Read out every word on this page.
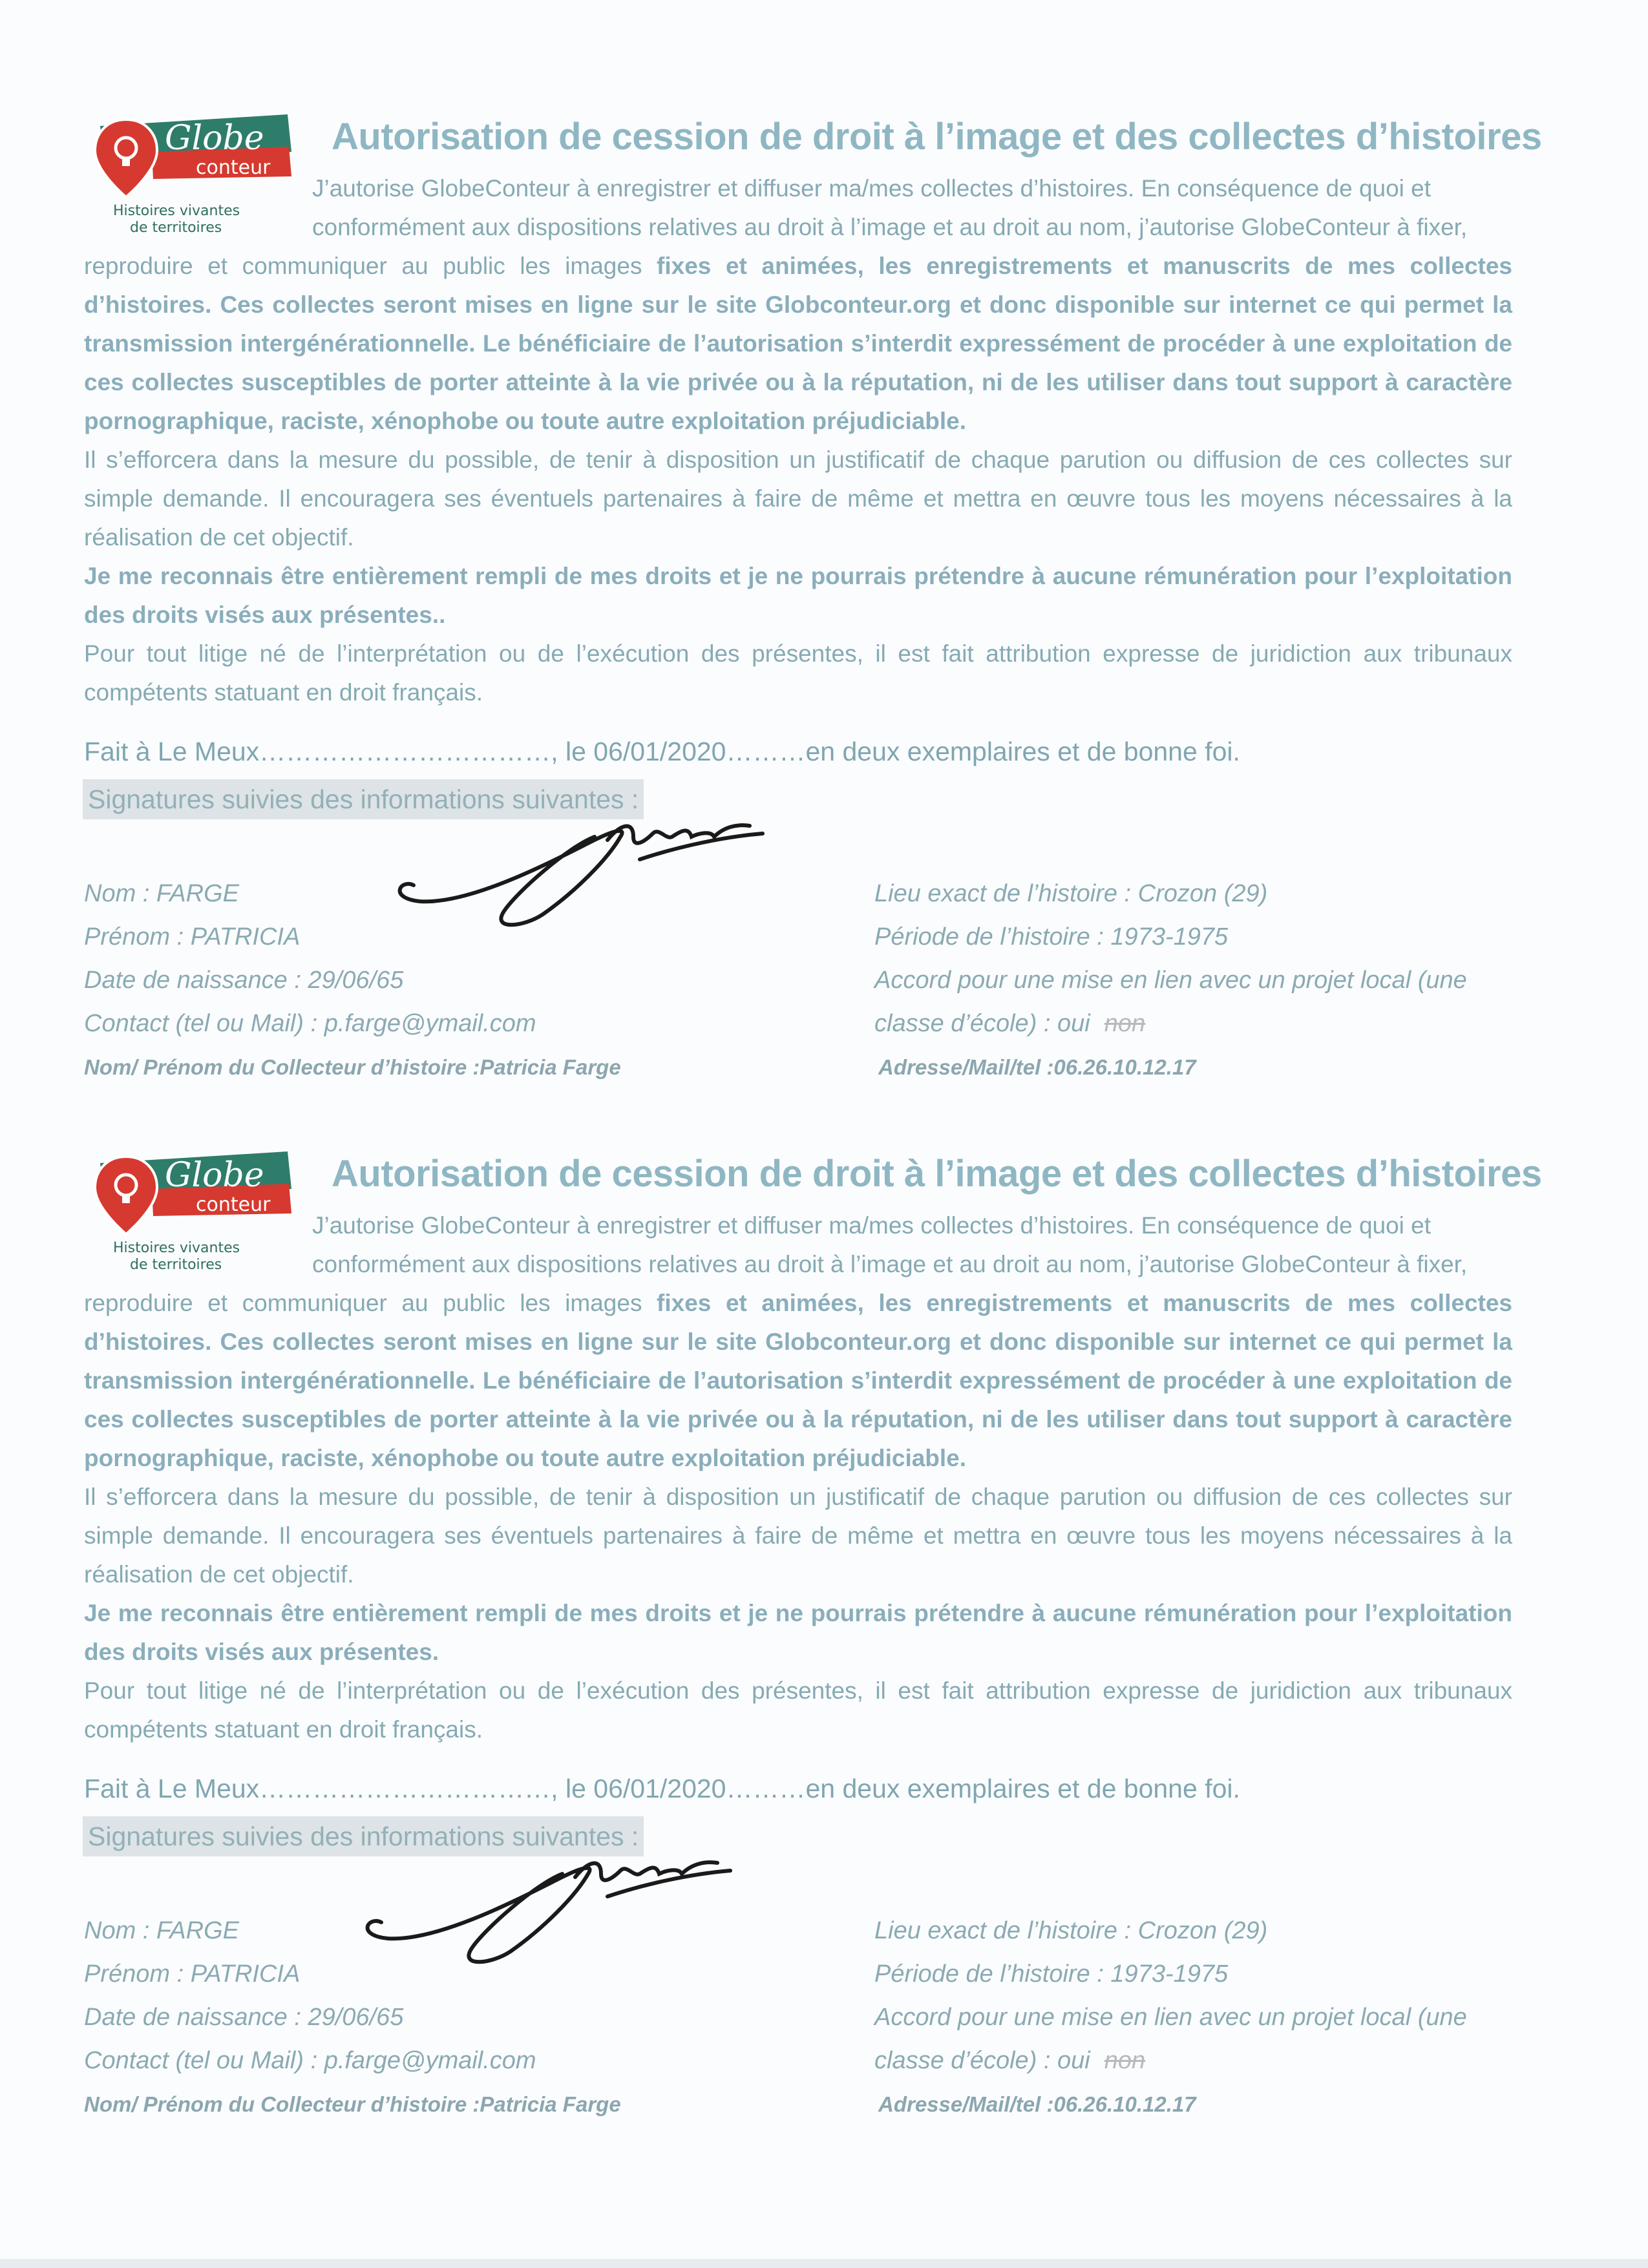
Globe
conteur
Histoires vivantes
de territoires
Autorisation de cession de droit à l’image et des collectes d’histoires

J’autorise GlobeConteur à enregistrer et diffuser ma/mes collectes d’histoires. En conséquence de quoi et
conformément aux dispositions relatives au droit à l’image et au droit au nom, j’autorise GlobeConteur à fixer,
reproduire et communiquer au public les images fixes et animées, les enregistrements et manuscrits de mes collectes d’histoires. Ces collectes seront mises en ligne sur le site Globconteur.org et donc disponible sur internet ce qui permet la transmission intergénérationnelle. Le bénéficiaire de l’autorisation s’interdit expressément de procéder à une exploitation de ces collectes susceptibles de porter atteinte à la vie privée ou à la réputation, ni de les utiliser dans tout support à caractère pornographique, raciste, xénophobe ou toute autre exploitation préjudiciable.

Il s’efforcera dans la mesure du possible, de tenir à disposition un justificatif de chaque parution ou diffusion de ces collectes sur simple demande. Il encouragera ses éventuels partenaires à faire de même et mettra en œuvre tous les moyens nécessaires à la réalisation de cet objectif.

Je me reconnais être entièrement rempli de mes droits et je ne pourrais prétendre à aucune rémunération pour l’exploitation des droits visés aux présentes..

Pour tout litige né de l’interprétation ou de l’exécution des présentes, il est fait attribution expresse de juridiction aux tribunaux compétents statuant en droit français.

Fait à Le Meux……………………………, le 06/01/2020………en deux exemplaires et de bonne foi.
Signatures suivies des informations suivantes :
Nom : FARGE
Prénom : PATRICIA
Date de naissance : 29/06/65
Contact (tel ou Mail) : p.farge@ymail.com
Nom/ Prénom du Collecteur d’histoire :Patricia Farge
Lieu exact de l’histoire : Crozon (29)
Période de l’histoire : 1973-1975
Accord pour une mise en lien avec un projet local (une
classe d’école) : oui non
Adresse/Mail/tel :06.26.10.12.17
Globe
conteur
Histoires vivantes
de territoires
Autorisation de cession de droit à l’image et des collectes d’histoires

J’autorise GlobeConteur à enregistrer et diffuser ma/mes collectes d’histoires. En conséquence de quoi et
conformément aux dispositions relatives au droit à l’image et au droit au nom, j’autorise GlobeConteur à fixer,
reproduire et communiquer au public les images fixes et animées, les enregistrements et manuscrits de mes collectes d’histoires. Ces collectes seront mises en ligne sur le site Globconteur.org et donc disponible sur internet ce qui permet la transmission intergénérationnelle. Le bénéficiaire de l’autorisation s’interdit expressément de procéder à une exploitation de ces collectes susceptibles de porter atteinte à la vie privée ou à la réputation, ni de les utiliser dans tout support à caractère pornographique, raciste, xénophobe ou toute autre exploitation préjudiciable.

Il s’efforcera dans la mesure du possible, de tenir à disposition un justificatif de chaque parution ou diffusion de ces collectes sur simple demande. Il encouragera ses éventuels partenaires à faire de même et mettra en œuvre tous les moyens nécessaires à la réalisation de cet objectif.

Je me reconnais être entièrement rempli de mes droits et je ne pourrais prétendre à aucune rémunération pour l’exploitation des droits visés aux présentes.

Pour tout litige né de l’interprétation ou de l’exécution des présentes, il est fait attribution expresse de juridiction aux tribunaux compétents statuant en droit français.

Fait à Le Meux……………………………, le 06/01/2020………en deux exemplaires et de bonne foi.
Signatures suivies des informations suivantes :
Nom : FARGE
Prénom : PATRICIA
Date de naissance : 29/06/65
Contact (tel ou Mail) : p.farge@ymail.com
Nom/ Prénom du Collecteur d’histoire :Patricia Farge
Lieu exact de l’histoire : Crozon (29)
Période de l’histoire : 1973-1975
Accord pour une mise en lien avec un projet local (une
classe d’école) : oui non
Adresse/Mail/tel :06.26.10.12.17
